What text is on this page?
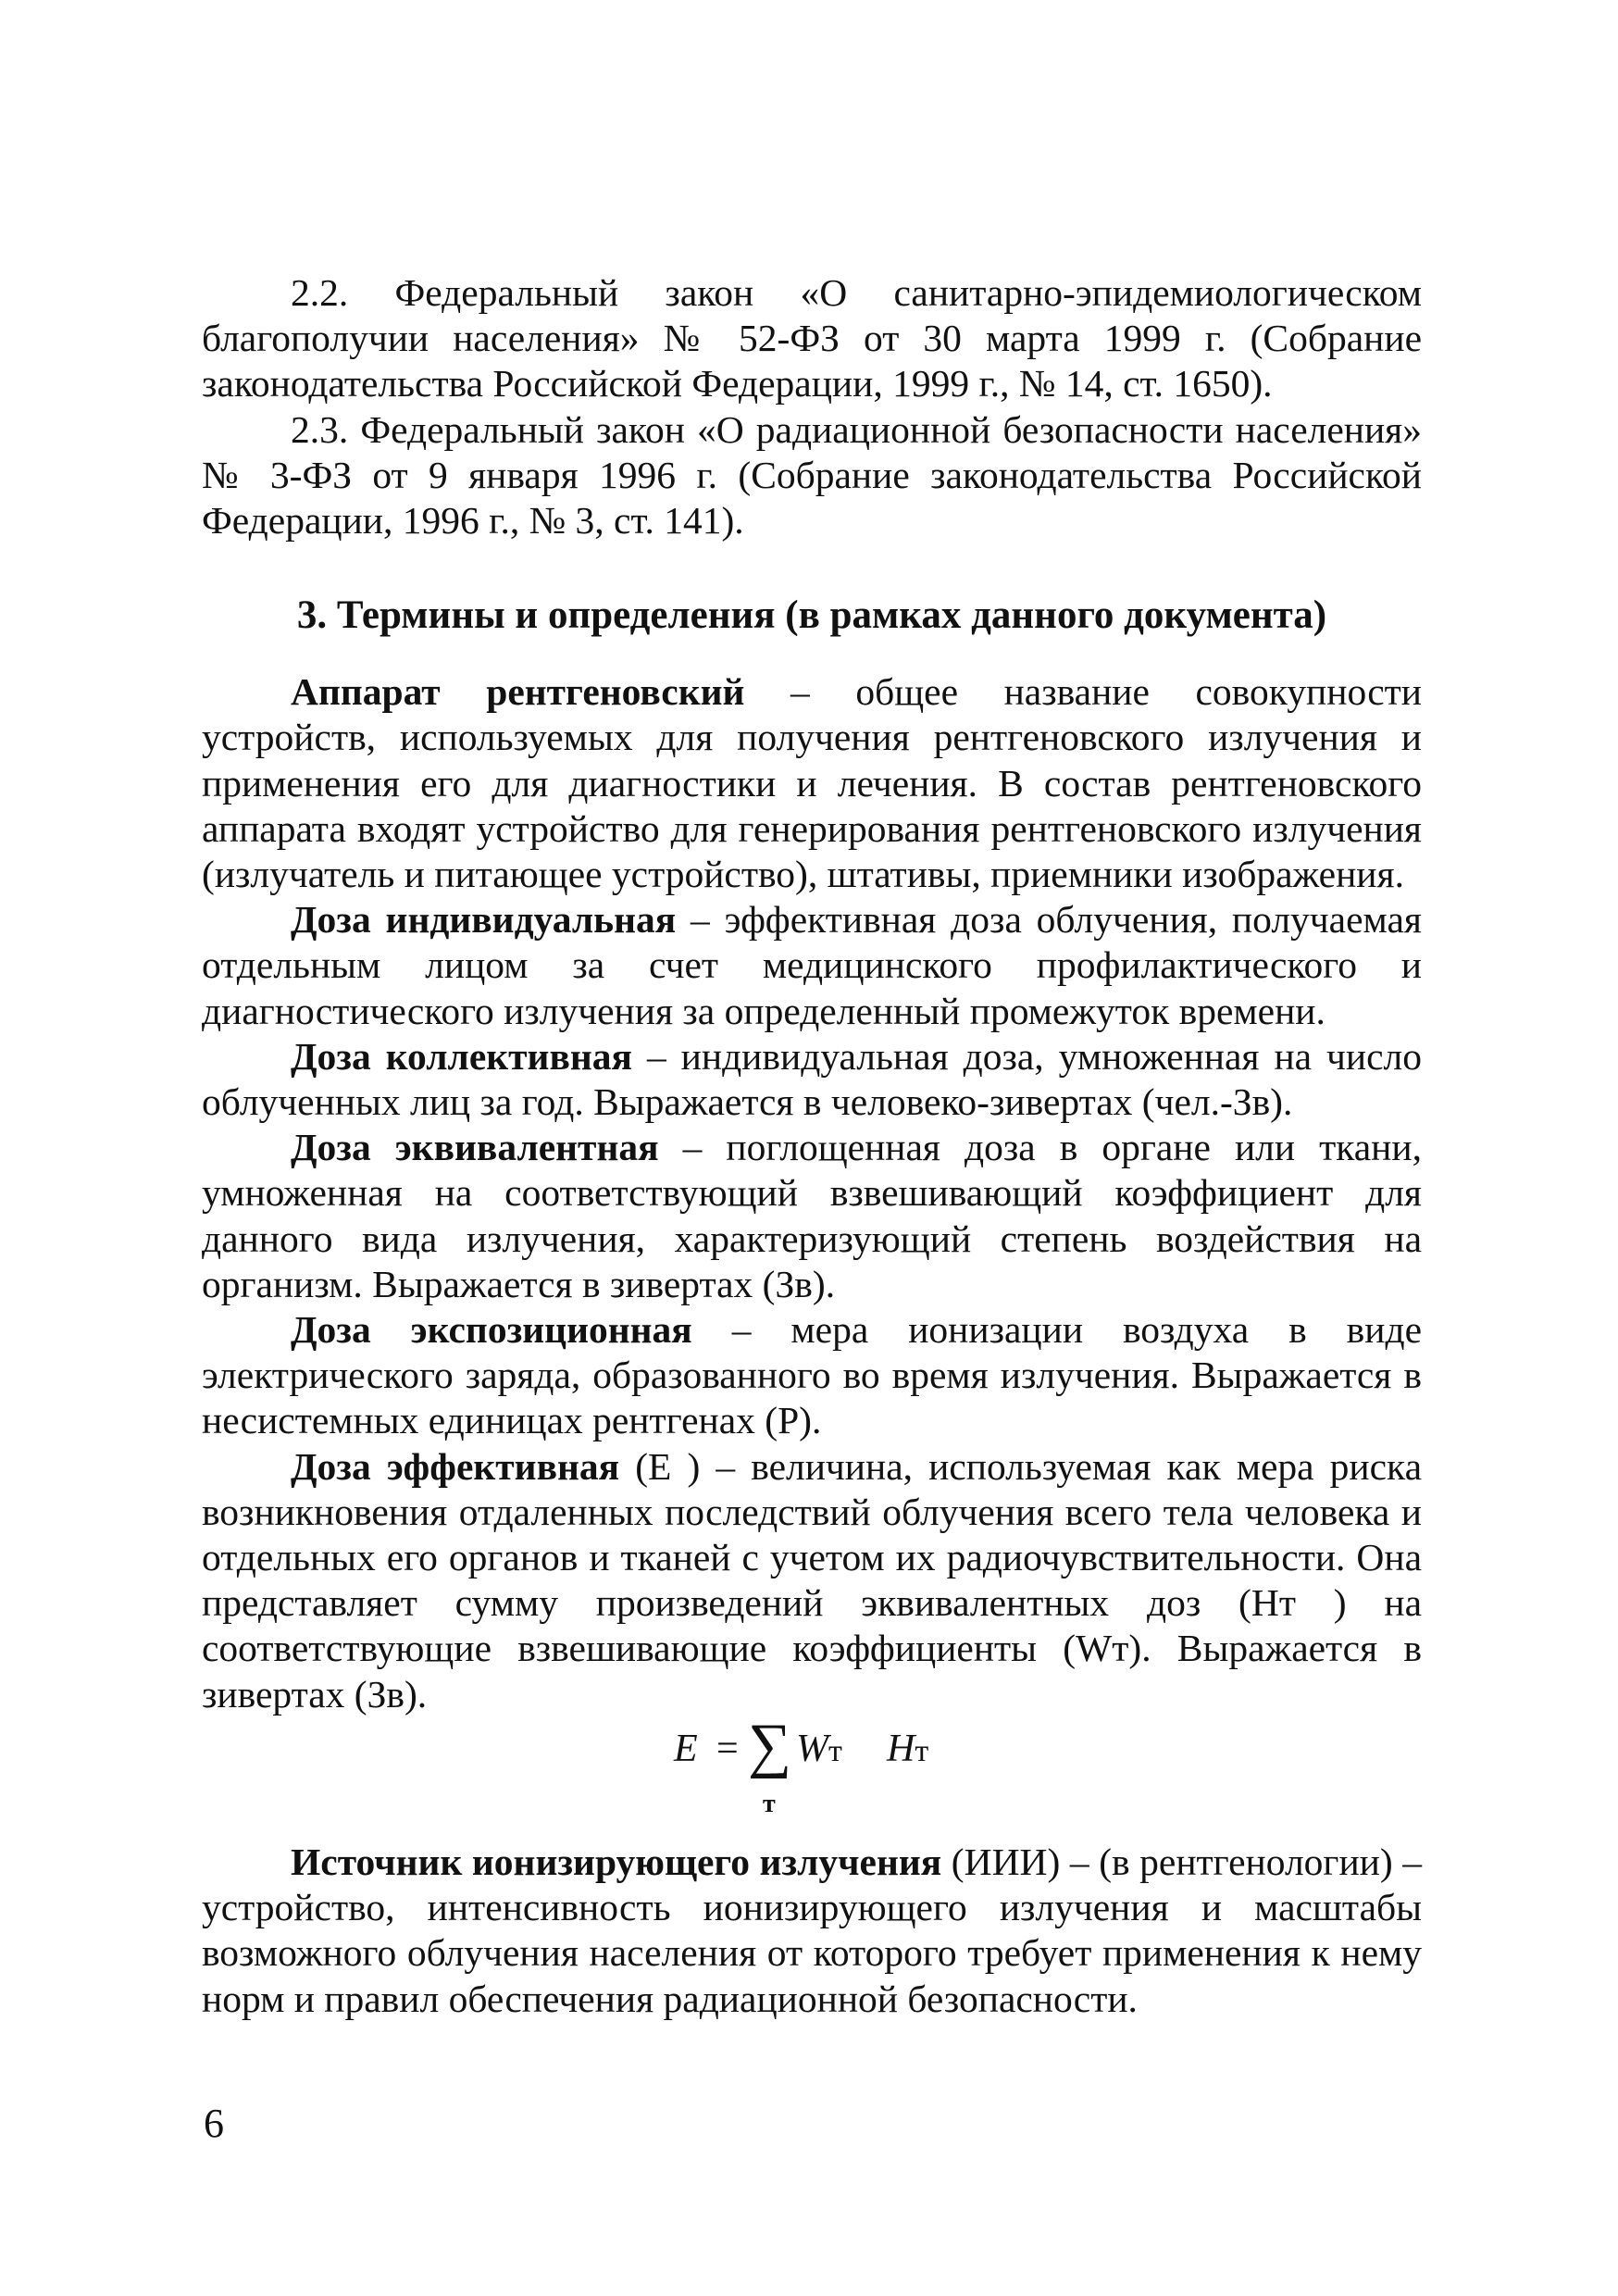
2.2. Федеральный закон «О санитарно-эпидемиологическом благополучии населения» № 52-ФЗ от 30 марта 1999 г. (Собрание законодательства Российской Федерации, 1999 г., № 14, ст. 1650).

2.3. Федеральный закон «О радиационной безопасности населения» № 3-ФЗ от 9 января 1996 г. (Собрание законодательства Российской Федерации, 1996 г., № 3, ст. 141).

3. Термины и определения (в рамках данного документа)

Аппарат рентгеновский – общее название совокупности устройств, используемых для получения рентгеновского излучения и применения его для диагностики и лечения. В состав рентгеновского аппарата входят устройство для генерирования рентгеновского излучения (излучатель и питающее устройство), штативы, приемники изображения.

Доза индивидуальная – эффективная доза облучения, получаемая отдельным лицом за счет медицинского профилактического и диагностического излучения за определенный промежуток времени.

Доза коллективная – индивидуальная доза, умноженная на число облученных лиц за год. Выражается в человеко-зивертах (чел.-Зв).

Доза эквивалентная – поглощенная доза в органе или ткани, умноженная на соответствующий взвешивающий коэффициент для данного вида излучения, характеризующий степень воздействия на организм. Выражается в зивертах (Зв).

Доза экспозиционная – мера ионизации воздуха в виде электрического заряда, образованного во время излучения. Выражается в несистемных единицах рентгенах (Р).

Доза эффективная (Е ) – величина, используемая как мера риска возникновения отдаленных последствий облучения всего тела человека и отдельных его органов и тканей с учетом их радиочувствительности. Она представляет сумму произведений эквивалентных доз (Нт ) на соответствующие взвешивающие коэффициенты (Wт). Выражается в зивертах (Зв).

E = ∑
т
Wт Hт

Источник ионизирующего излучения (ИИИ) – (в рентгенологии) – устройство, интенсивность ионизирующего излучения и масштабы возможного облучения населения от которого требует применения к нему норм и правил обеспечения радиационной безопасности.

6
